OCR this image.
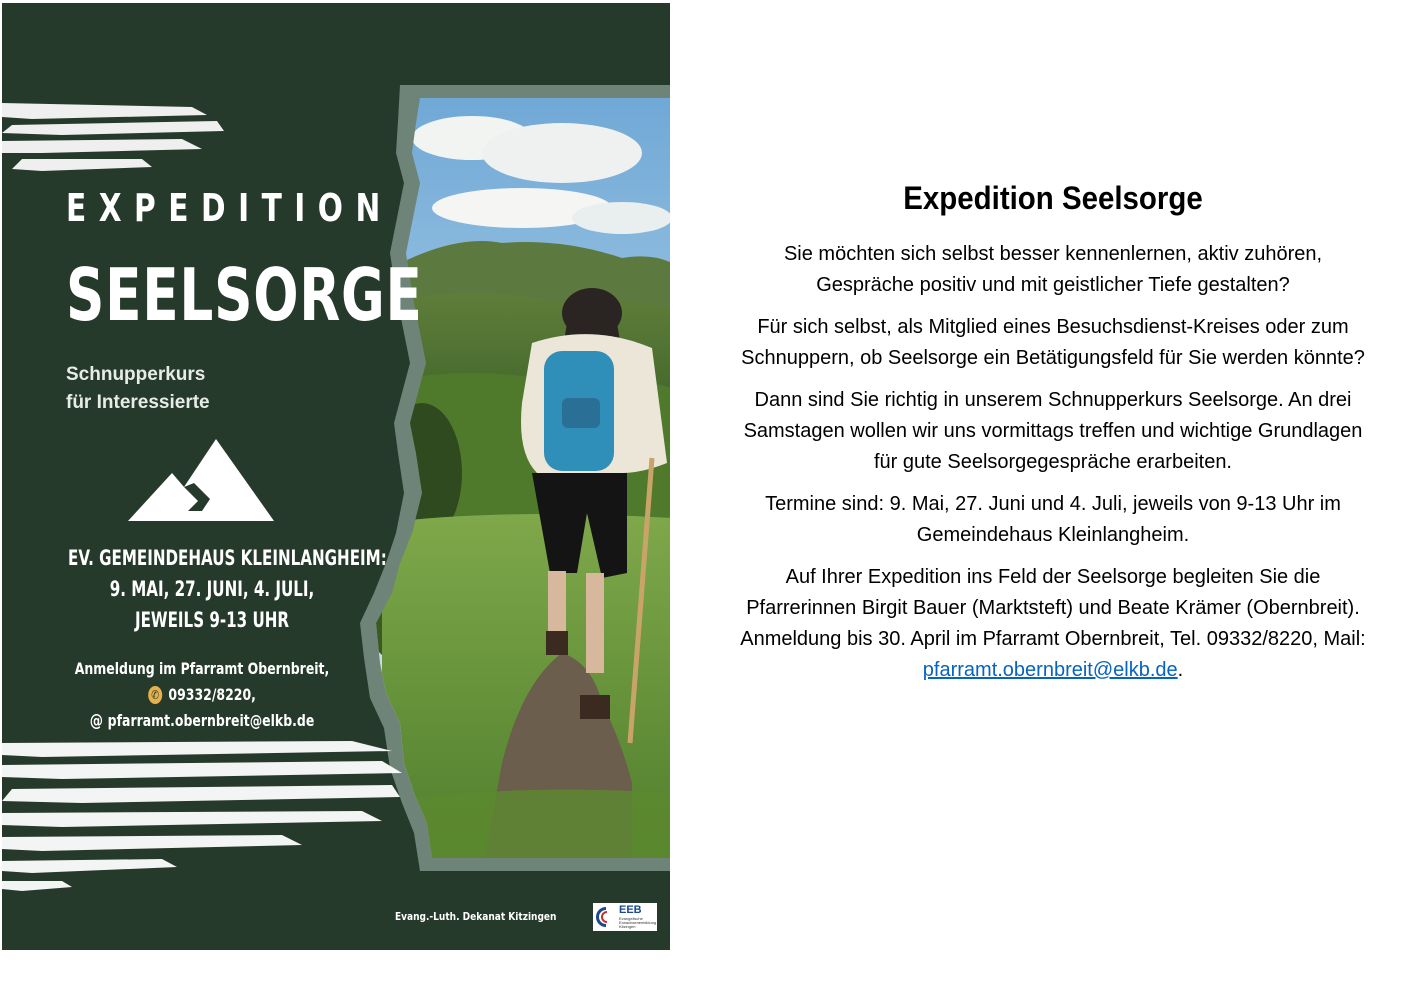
EXPEDITION
SEELSORGE
Schnupperkurs
für Interessierte
EV. GEMEINDEHAUS KLEINLANGHEIM:
9. MAI, 27. JUNI, 4. JULI,
JEWEILS 9-13 UHR
Anmeldung im Pfarramt Obernbreit,
✆ 09332/8220,
@ pfarramt.obernbreit@elkb.de
Evang.-Luth. Dekanat Kitzingen	EEB
Evangelische Erwachsenenbildung Kitzingen
Expedition Seelsorge

Sie möchten sich selbst besser kennenlernen, aktiv zuhören, Gespräche positiv und mit geistlicher Tiefe gestalten?

Für sich selbst, als Mitglied eines Besuchsdienst-Kreises oder zum Schnuppern, ob Seelsorge ein Betätigungsfeld für Sie werden könnte?

Dann sind Sie richtig in unserem Schnupperkurs Seelsorge. An drei Samstagen wollen wir uns vormittags treffen und wichtige Grundlagen für gute Seelsorgegespräche erarbeiten.

Termine sind: 9. Mai, 27. Juni und 4. Juli, jeweils von 9-13 Uhr im Gemeindehaus Kleinlangheim.

Auf Ihrer Expedition ins Feld der Seelsorge begleiten Sie die Pfarrerinnen Birgit Bauer (Marktsteft) und Beate Krämer (Obernbreit). Anmeldung bis 30. April im Pfarramt Obernbreit, Tel. 09332/8220, Mail: pfarramt.obernbreit@elkb.de.
